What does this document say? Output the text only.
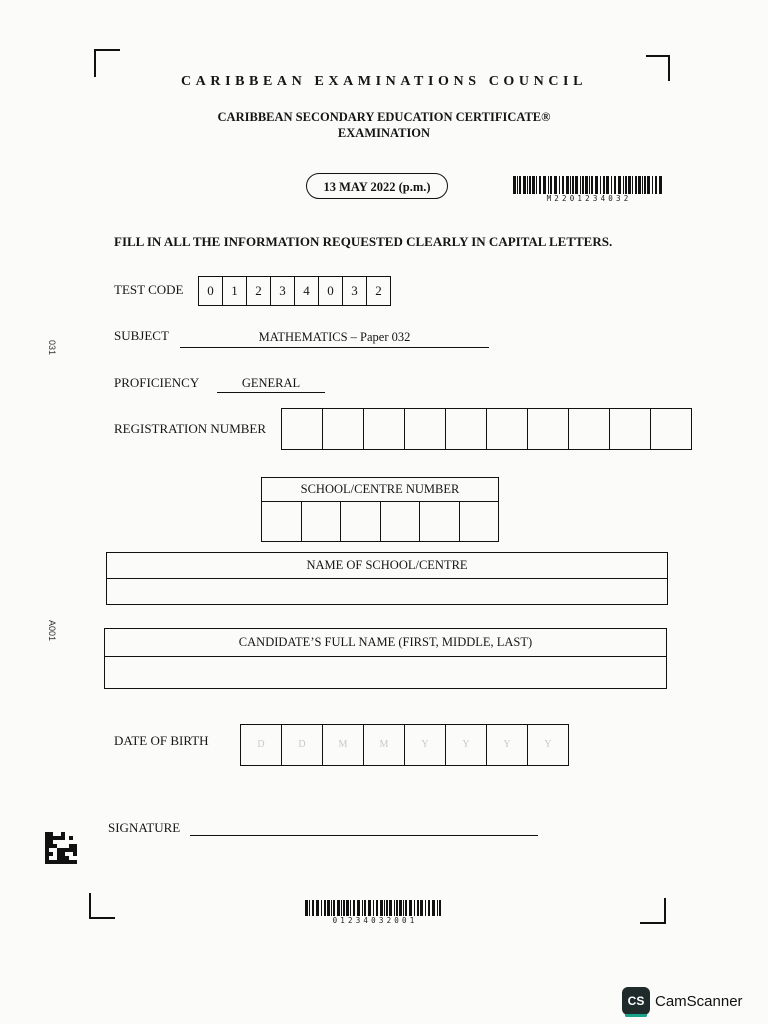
CARIBBEAN EXAMINATIONS COUNCIL
CARIBBEAN SECONDARY EDUCATION CERTIFICATE®
EXAMINATION
13 MAY 2022 (p.m.)
M2201234032
FILL IN ALL THE INFORMATION REQUESTED CLEARLY IN CAPITAL LETTERS.
TEST CODE	0	1	2	3	4	0	3	2
SUBJECT	MATHEMATICS – Paper 032
PROFICIENCY	GENERAL
REGISTRATION NUMBER
SCHOOL/CENTRE NUMBER
NAME OF SCHOOL/CENTRE
CANDIDATE’S FULL NAME (FIRST, MIDDLE, LAST)
DATE OF BIRTH	D	D	M	M	Y	Y	Y	Y
SIGNATURE
031
A001
01234032001
CS CamScanner
